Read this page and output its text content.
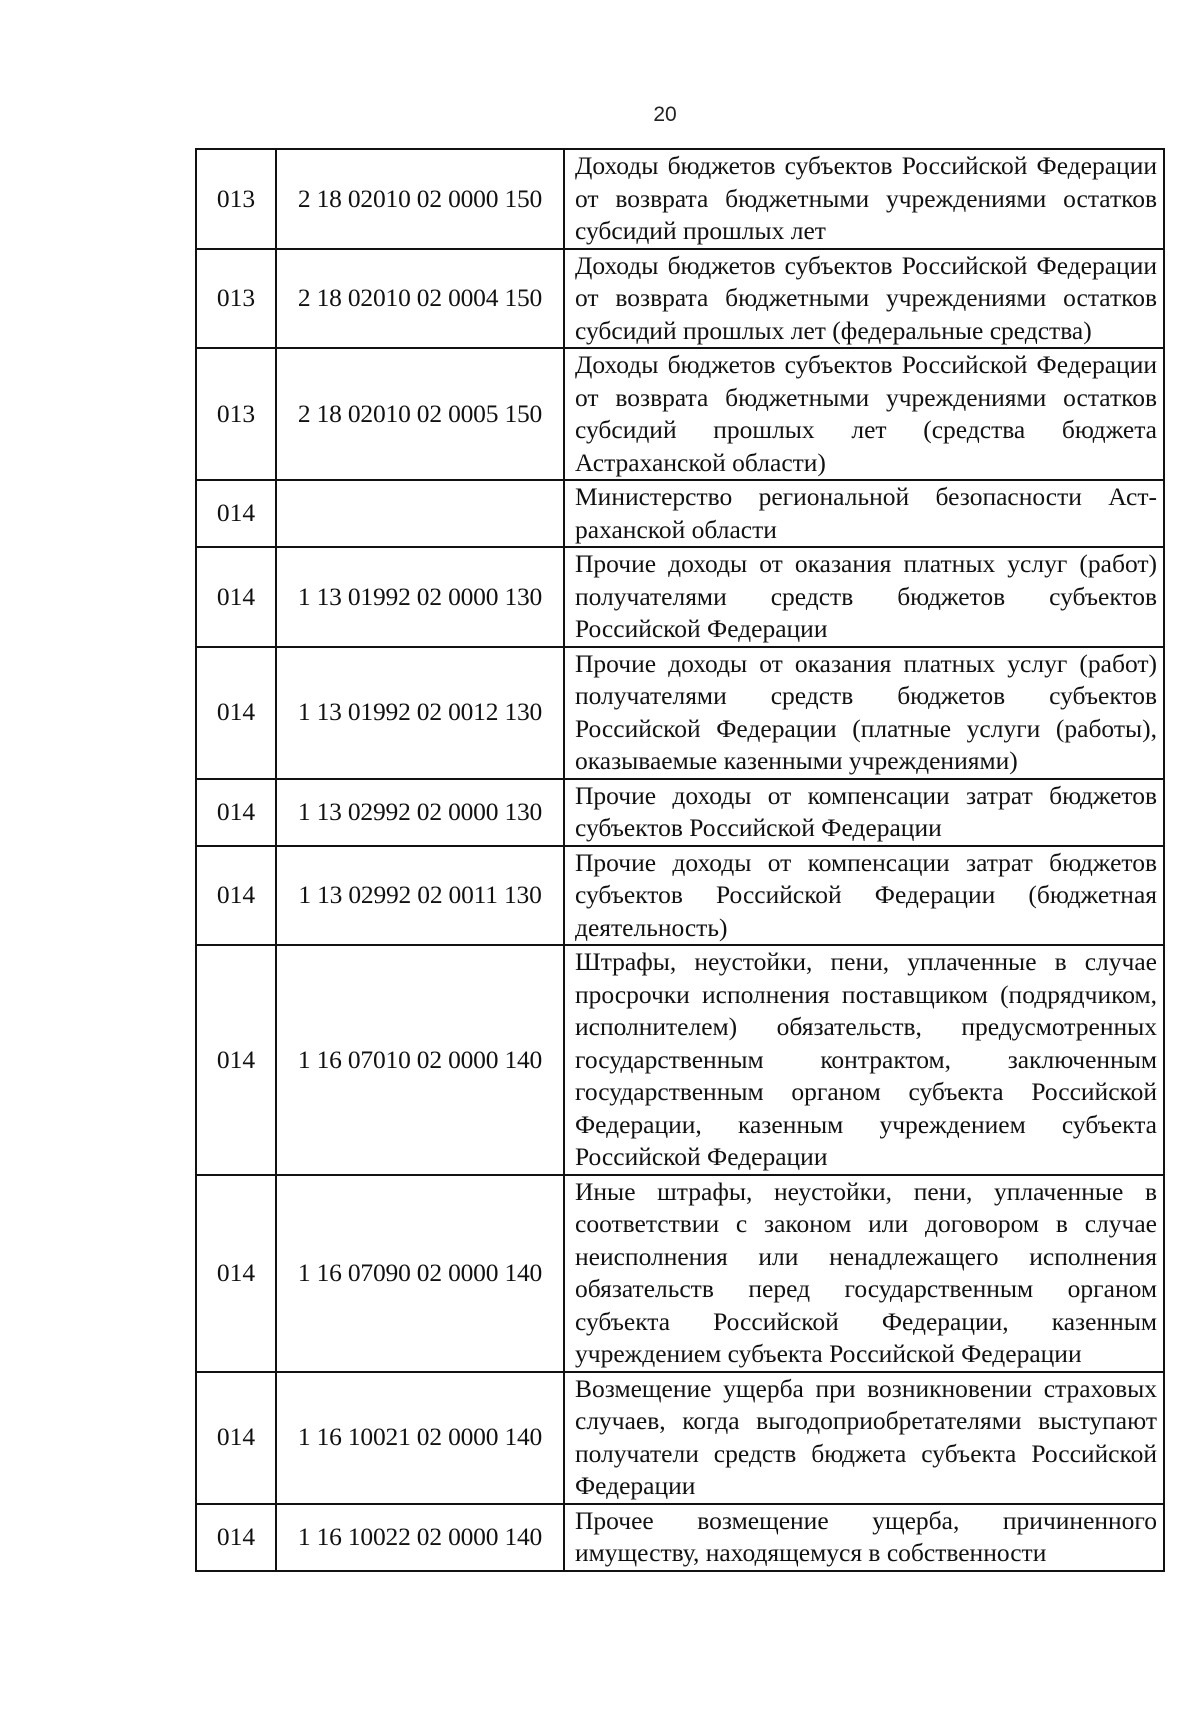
20
013	2 18 02010 02 0000 150	Доходы бюджетов субъектов Российской Федерации от возврата бюджетными учреждениями остатков субсидий прошлых лет
013	2 18 02010 02 0004 150	Доходы бюджетов субъектов Российской Федерации от возврата бюджетными учреждениями остатков субсидий прошлых лет (федеральные средства)
013	2 18 02010 02 0005 150	Доходы бюджетов субъектов Российской Федерации от возврата бюджетными учреждениями остатков субсидий прошлых лет (средства бюджета Астраханской области)
014		Министерство региональной безопасности Астраханской области
014	1 13 01992 02 0000 130	Прочие доходы от оказания платных услуг (работ) получателями средств бюджетов субъектов Российской Федерации
014	1 13 01992 02 0012 130	Прочие доходы от оказания платных услуг (работ) получателями средств бюджетов субъектов Российской Федерации (платные услуги (работы), оказываемые казенными учреждениями)
014	1 13 02992 02 0000 130	Прочие доходы от компенсации затрат бюджетов субъектов Российской Федерации
014	1 13 02992 02 0011 130	Прочие доходы от компенсации затрат бюджетов субъектов Российской Федерации (бюджетная деятельность)
014	1 16 07010 02 0000 140	Штрафы, неустойки, пени, уплаченные в случае просрочки исполнения поставщиком (подрядчиком, исполнителем) обязательств, предусмотренных государственным контрактом, заключенным государственным органом субъекта Российской Федерации, казенным учреждением субъекта Российской Федерации
014	1 16 07090 02 0000 140	Иные штрафы, неустойки, пени, уплаченные в соответствии с законом или договором в случае неисполнения или ненадлежащего исполнения обязательств перед государственным органом субъекта Российской Федерации, казенным учреждением субъекта Российской Федерации
014	1 16 10021 02 0000 140	Возмещение ущерба при возникновении страховых случаев, когда выгодоприобретателями выступают получатели средств бюджета субъекта Российской Федерации
014	1 16 10022 02 0000 140	Прочее возмещение ущерба, причиненного имуществу, находящемуся в собственности
